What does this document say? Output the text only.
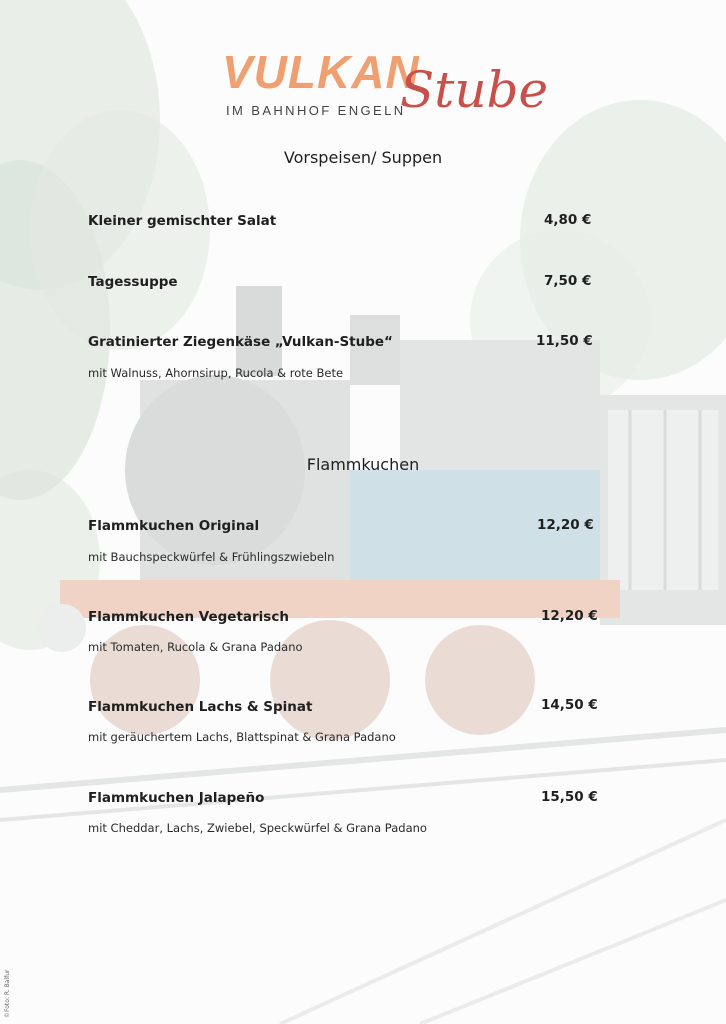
VULKAN
Stube
IM BAHNHOF ENGELN
Vorspeisen/ Suppen
Kleiner gemischter Salat	4,80 €
Tagessuppe	7,50 €
Gratinierter Ziegenkäse „Vulkan-Stube“	11,50 €
mit Walnuss, Ahornsirup, Rucola & rote Bete
Flammkuchen
Flammkuchen Original	12,20 €
mit Bauchspeckwürfel & Frühlingszwiebeln
Flammkuchen Vegetarisch	12,20 €
mit Tomaten, Rucola & Grana Padano
Flammkuchen Lachs & Spinat	14,50 €
mit geräuchertem Lachs, Blattspinat & Grana Padano
Flammkuchen Jalapeño	15,50 €
mit Cheddar, Lachs, Zwiebel, Speckwürfel & Grana Padano
©Foto: R. Balfur
